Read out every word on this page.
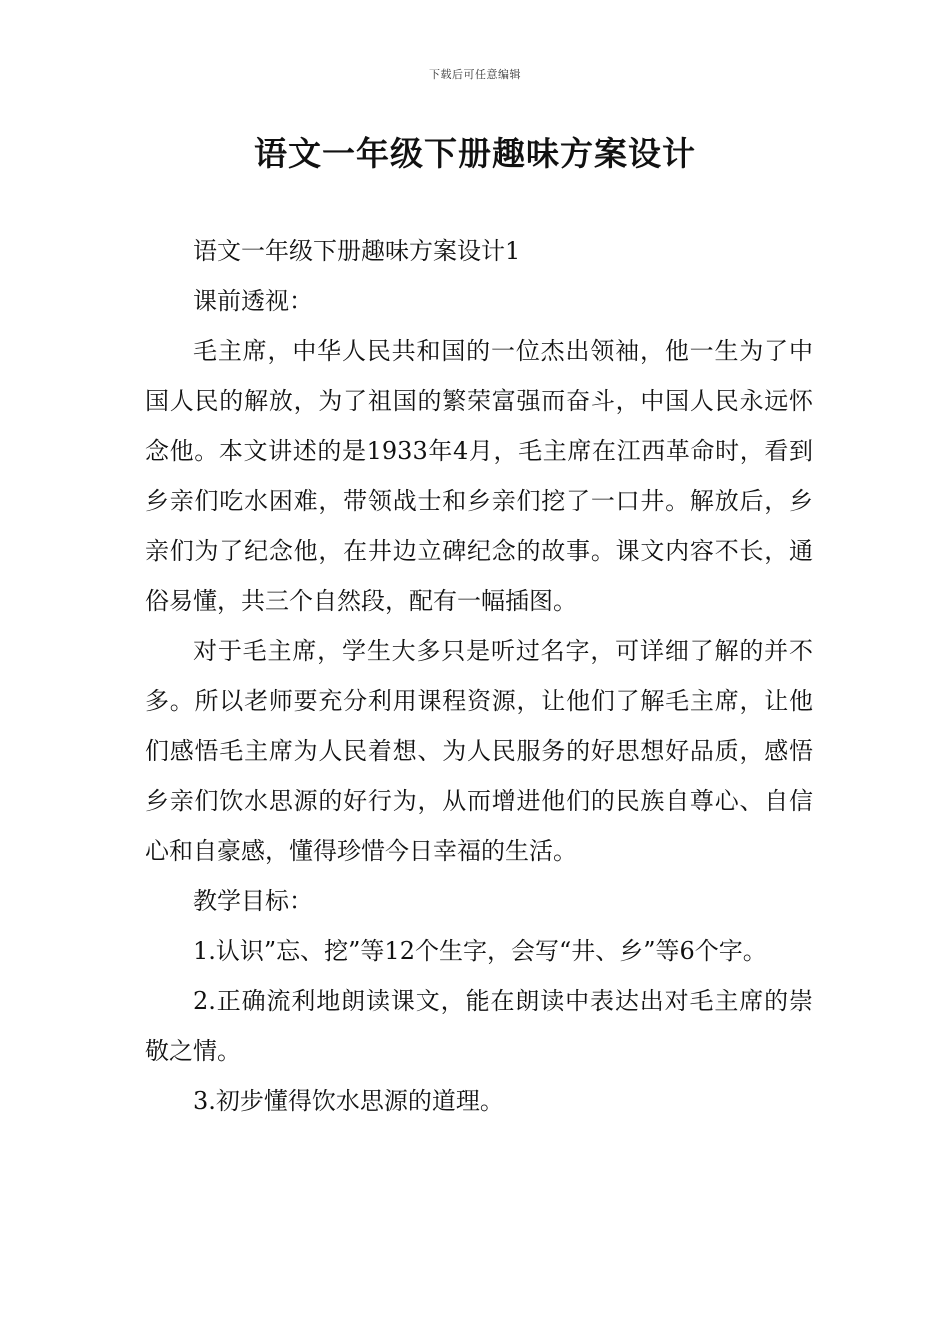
下载后可任意编辑
语文一年级下册趣味方案设计

语文一年级下册趣味方案设计1

课前透视：

毛主席，中华人民共和国的一位杰出领袖，他一生为了中国人民的解放，为了祖国的繁荣富强而奋斗，中国人民永远怀念他。本文讲述的是1933年4月，毛主席在江西革命时，看到乡亲们吃水困难，带领战士和乡亲们挖了一口井。解放后，乡亲们为了纪念他，在井边立碑纪念的故事。课文内容不长，通俗易懂，共三个自然段，配有一幅插图。

对于毛主席，学生大多只是听过名字，可详细了解的并不多。所以老师要充分利用课程资源，让他们了解毛主席，让他们感悟毛主席为人民着想、为人民服务的好思想好品质，感悟乡亲们饮水思源的好行为，从而增进他们的民族自尊心、自信心和自豪感，懂得珍惜今日幸福的生活。

教学目标：

1.认识”忘、挖”等12个生字，会写“井、乡”等6个字。

2.正确流利地朗读课文，能在朗读中表达出对毛主席的崇敬之情。

3.初步懂得饮水思源的道理。
